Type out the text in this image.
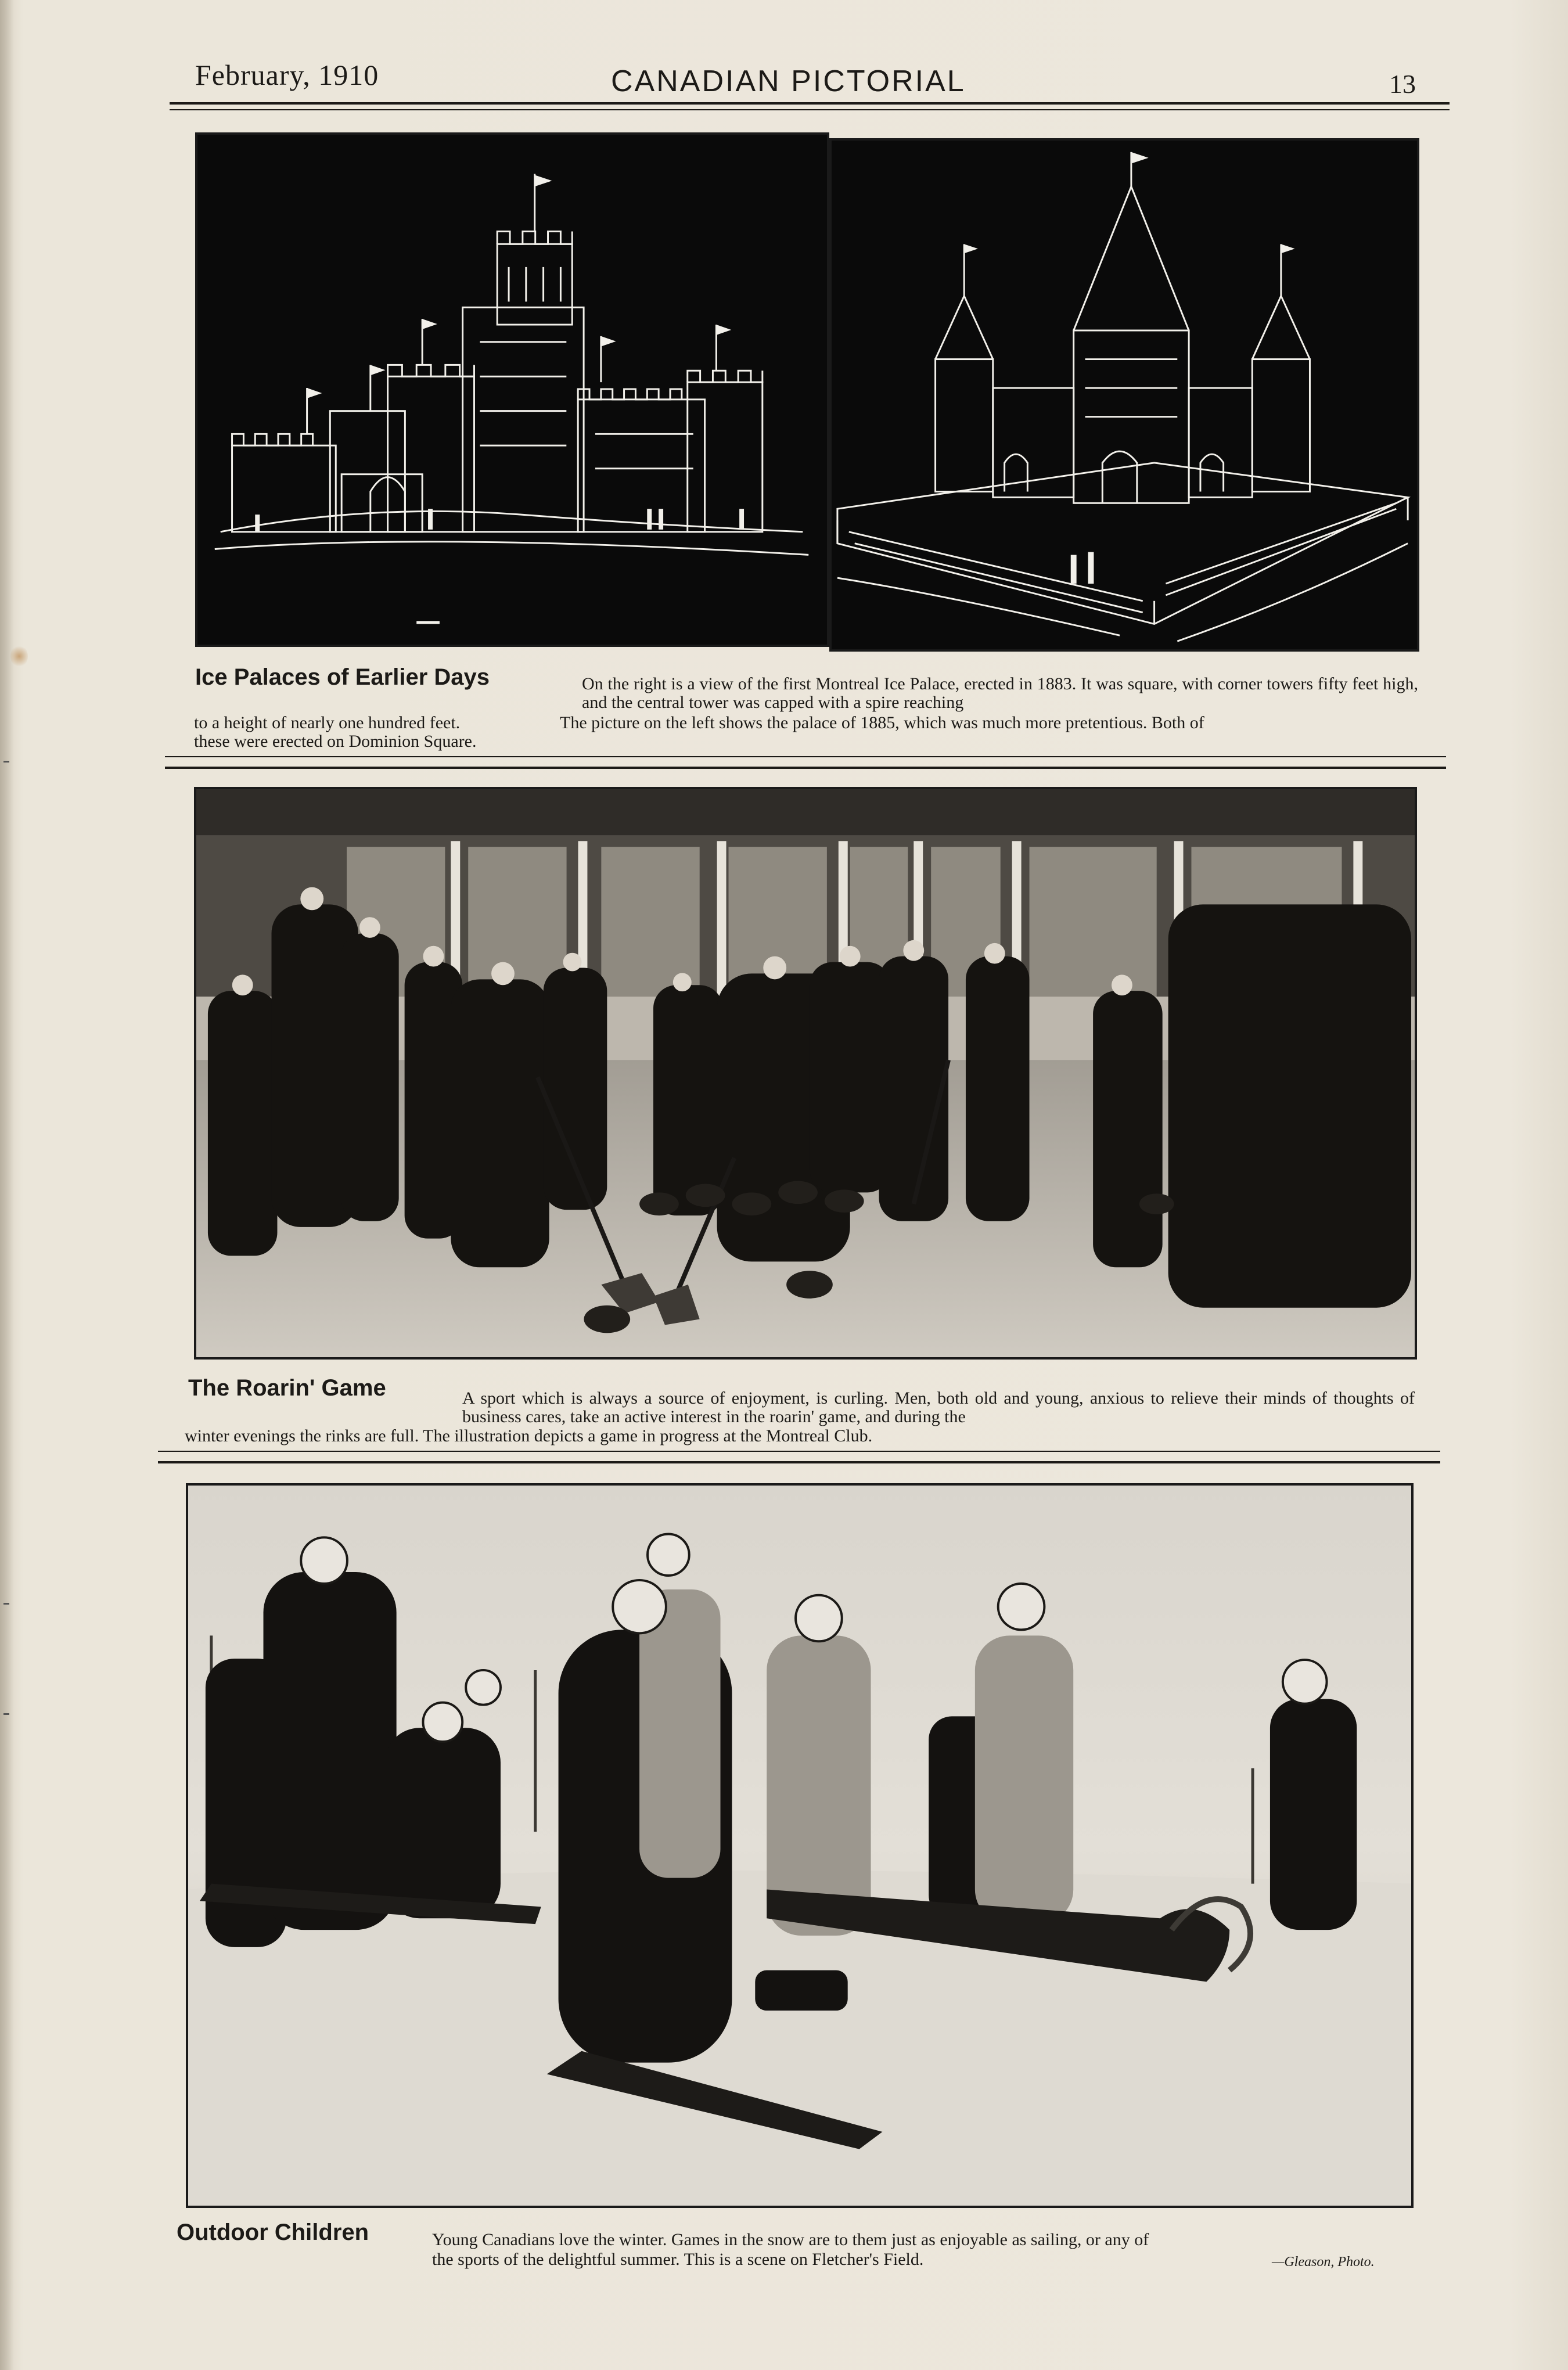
February, 1910	CANADIAN PICTORIAL	13
Ice Palaces of Earlier Days	On the right is a view of the first Montreal Ice Palace, erected in 1883. It was square, with corner towers fifty feet high, and the central tower was capped with a spire reaching
to a height of nearly one hundred feet.	The picture on the left shows the palace of 1885, which was much more pretentious. Both of
these were erected on Dominion Square.
The Roarin' Game	A sport which is always a source of enjoyment, is curling. Men, both old and young, anxious to relieve their minds of thoughts of business cares, take an active interest in the roarin' game, and during the
winter evenings the rinks are full. The illustration depicts a game in progress at the Montreal Club.
Outdoor Children	Young Canadians love the winter. Games in the snow are to them just as enjoyable as sailing, or any of
the sports of the delightful summer. This is a scene on Fletcher's Field.	—Gleason, Photo.
